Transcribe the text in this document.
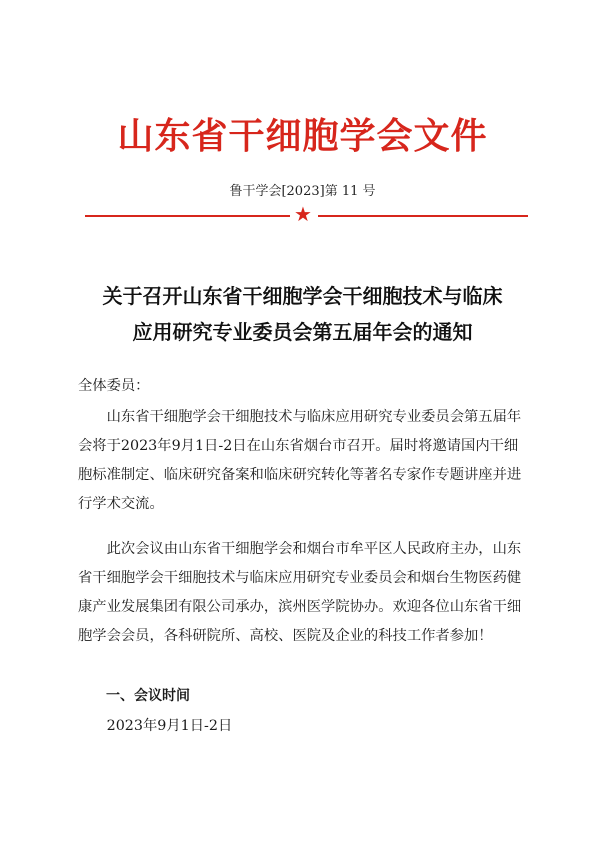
山东省干细胞学会文件
鲁干学会[2023]第 11 号
★
关于召开山东省干细胞学会干细胞技术与临床
应用研究专业委员会第五届年会的通知
全体委员：
山东省干细胞学会干细胞技术与临床应用研究专业委员会第五届年会将于2023年9月1日-2日在山东省烟台市召开。届时将邀请国内干细胞标准制定、临床研究备案和临床研究转化等著名专家作专题讲座并进行学术交流。
此次会议由山东省干细胞学会和烟台市牟平区人民政府主办，山东省干细胞学会干细胞技术与临床应用研究专业委员会和烟台生物医药健康产业发展集团有限公司承办，滨州医学院协办。欢迎各位山东省干细胞学会会员，各科研院所、高校、医院及企业的科技工作者参加！
一、会议时间
2023年9月1日-2日
